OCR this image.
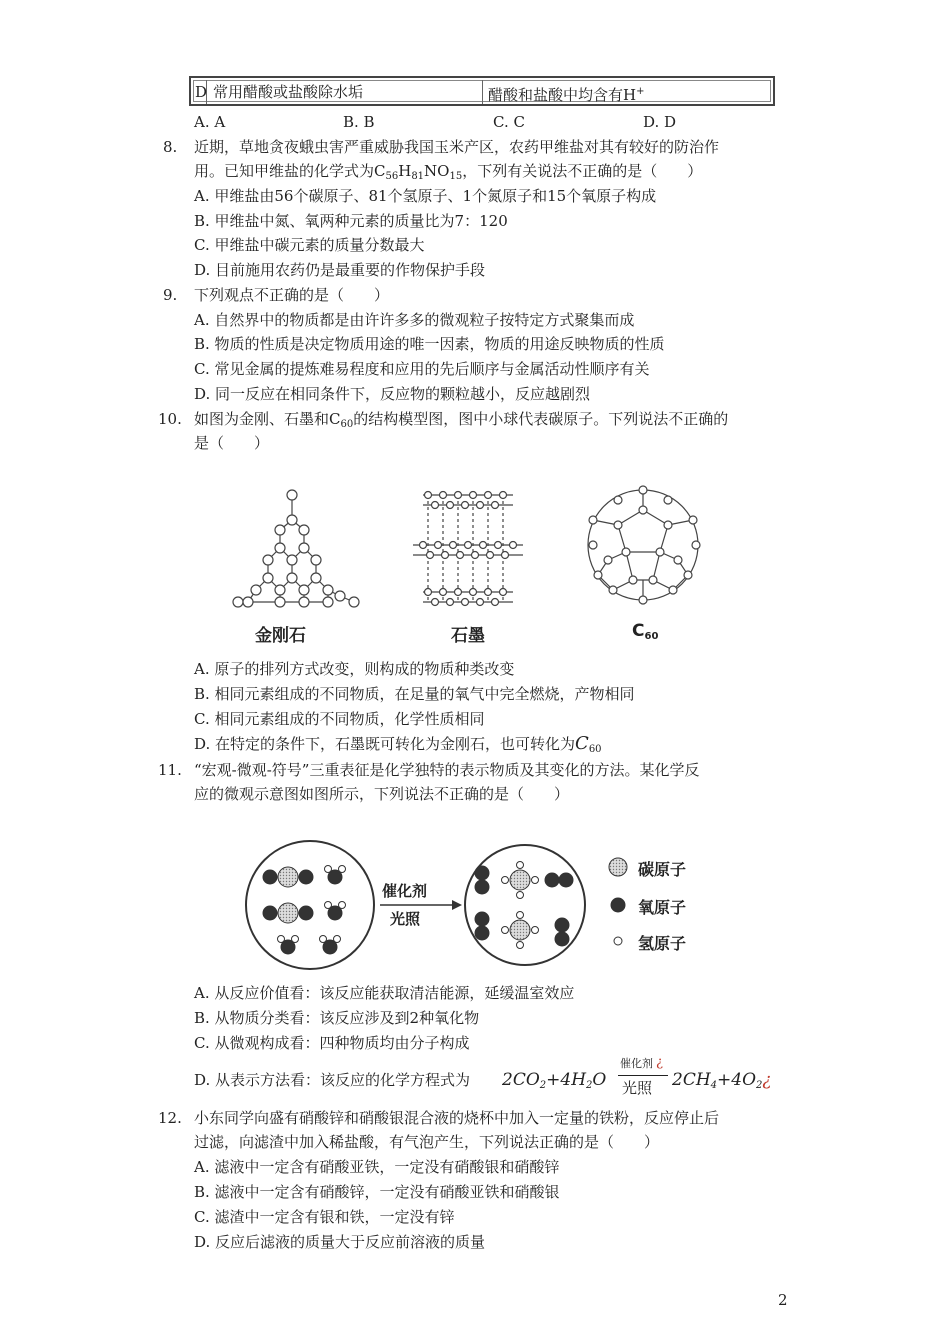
D 常用醋酸或盐酸除水垢	醋酸和盐酸中均含有H+
A. A	B. B	C. C	D. D
8. 近期，草地贪夜蛾虫害严重威胁我国玉米产区，农药甲维盐对其有较好的防治作
用。已知甲维盐的化学式为$C_{56}H_{81}NO_{15}$，下列有关说法不正确的是（　　）
A. 甲维盐由56个碳原子、81个氢原子、1个氮原子和15个氧原子构成
B. 甲维盐中氮、氧两种元素的质量比为7：120
C. 甲维盐中碳元素的质量分数最大
D. 目前施用农药仍是最重要的作物保护手段
9. 下列观点不正确的是（　　）
A. 自然界中的物质都是由许许多多的微观粒子按特定方式聚集而成
B. 物质的性质是决定物质用途的唯一因素，物质的用途反映物质的性质
C. 常见金属的提炼难易程度和应用的先后顺序与金属活动性顺序有关
D. 同一反应在相同条件下，反应物的颗粒越小，反应越剧烈
10. 如图为金刚、石墨和$C_{60}$的结构模型图，图中小球代表碳原子。下列说法不正确的
是（　　）
金刚石	石墨	$C_{60}$
A. 原子的排列方式改变，则构成的物质种类改变
B. 相同元素组成的不同物质，在足量的氧气中完全燃烧，产物相同
C. 相同元素组成的不同物质，化学性质相同
D. 在特定的条件下，石墨既可转化为金刚石，也可转化为$C_{60}$
11. “宏观-微观-符号”三重表征是化学独特的表示物质及其变化的方法。某化学反
应的微观示意图如图所示，下列说法不正确的是（　　）
催化剂
光照
碳原子
氧原子
氢原子
A. 从反应价值看：该反应能获取清洁能源，延缓温室效应
B. 从物质分类看：该反应涉及到2种氧化物
C. 从微观构成看：四种物质均由分子构成
D. 从表示方法看：该反应的化学方程式为 $2CO_2+4H_2O$
催化剂 ¿
光照 $2CH_4+4O_2¿$
12. 小东同学向盛有硝酸锌和硝酸银混合液的烧杯中加入一定量的铁粉，反应停止后
过滤，向滤渣中加入稀盐酸，有气泡产生，下列说法正确的是（　　）
A. 滤液中一定含有硝酸亚铁，一定没有硝酸银和硝酸锌
B. 滤液中一定含有硝酸锌，一定没有硝酸亚铁和硝酸银
C. 滤渣中一定含有银和铁，一定没有锌
D. 反应后滤液的质量大于反应前溶液的质量
2
